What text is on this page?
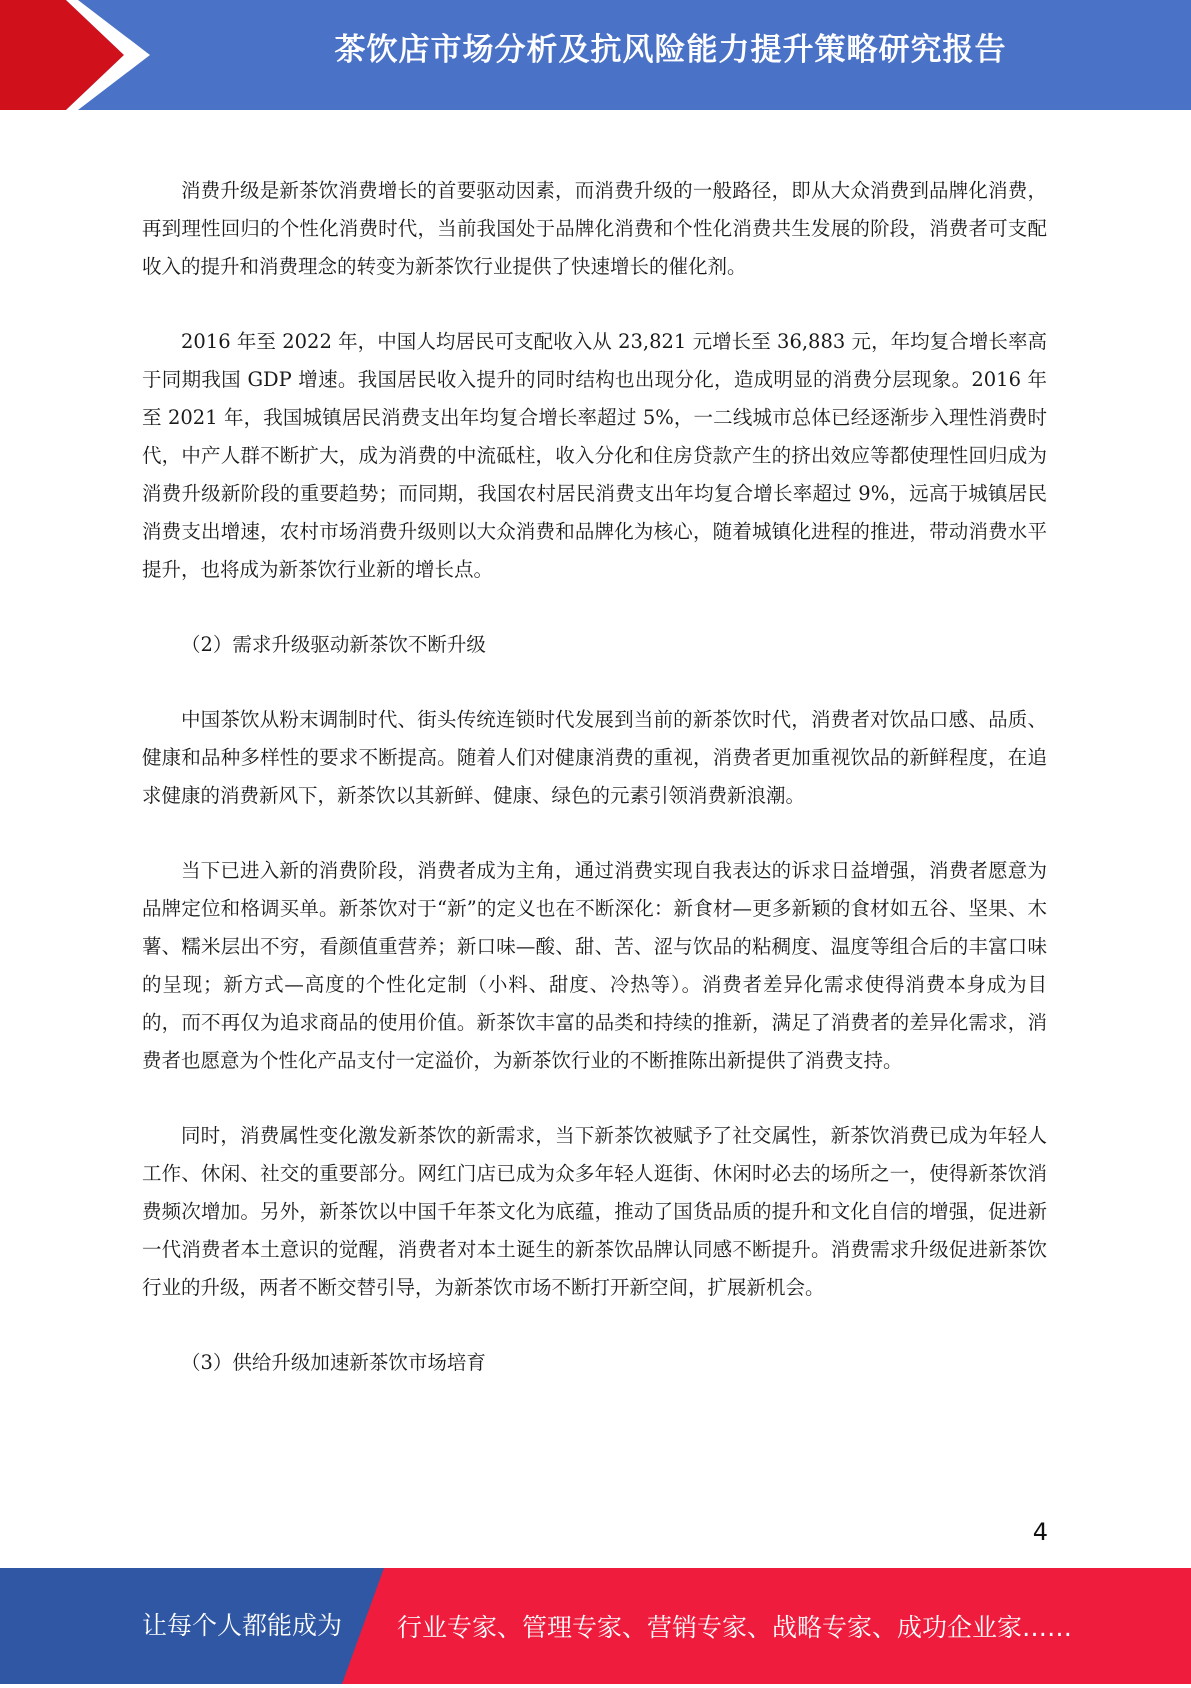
茶饮店市场分析及抗风险能力提升策略研究报告

消费升级是新茶饮消费增长的首要驱动因素，而消费升级的一般路径，即从大众消费到品牌化消费，再到理性回归的个性化消费时代，当前我国处于品牌化消费和个性化消费共生发展的阶段，消费者可支配收入的提升和消费理念的转变为新茶饮行业提供了快速增长的催化剂。

2016 年至 2022 年，中国人均居民可支配收入从 23,821 元增长至 36,883 元，年均复合增长率高于同期我国 GDP 增速。我国居民收入提升的同时结构也出现分化，造成明显的消费分层现象。2016 年至 2021 年，我国城镇居民消费支出年均复合增长率超过 5%，一二线城市总体已经逐渐步入理性消费时代，中产人群不断扩大，成为消费的中流砥柱，收入分化和住房贷款产生的挤出效应等都使理性回归成为消费升级新阶段的重要趋势；而同期，我国农村居民消费支出年均复合增长率超过 9%，远高于城镇居民消费支出增速，农村市场消费升级则以大众消费和品牌化为核心，随着城镇化进程的推进，带动消费水平提升，也将成为新茶饮行业新的增长点。

（2）需求升级驱动新茶饮不断升级

中国茶饮从粉末调制时代、街头传统连锁时代发展到当前的新茶饮时代，消费者对饮品口感、品质、健康和品种多样性的要求不断提高。随着人们对健康消费的重视，消费者更加重视饮品的新鲜程度，在追求健康的消费新风下，新茶饮以其新鲜、健康、绿色的元素引领消费新浪潮。

当下已进入新的消费阶段，消费者成为主角，通过消费实现自我表达的诉求日益增强，消费者愿意为品牌定位和格调买单。新茶饮对于“新”的定义也在不断深化：新食材—更多新颖的食材如五谷、坚果、木薯、糯米层出不穷，看颜值重营养；新口味—酸、甜、苦、涩与饮品的粘稠度、温度等组合后的丰富口味的呈现；新方式—高度的个性化定制（小料、甜度、冷热等）。消费者差异化需求使得消费本身成为目的，而不再仅为追求商品的使用价值。新茶饮丰富的品类和持续的推新，满足了消费者的差异化需求，消费者也愿意为个性化产品支付一定溢价，为新茶饮行业的不断推陈出新提供了消费支持。

同时，消费属性变化激发新茶饮的新需求，当下新茶饮被赋予了社交属性，新茶饮消费已成为年轻人工作、休闲、社交的重要部分。网红门店已成为众多年轻人逛街、休闲时必去的场所之一，使得新茶饮消费频次增加。另外，新茶饮以中国千年茶文化为底蕴，推动了国货品质的提升和文化自信的增强，促进新一代消费者本土意识的觉醒，消费者对本土诞生的新茶饮品牌认同感不断提升。消费需求升级促进新茶饮行业的升级，两者不断交替引导，为新茶饮市场不断打开新空间，扩展新机会。

（3）供给升级加速新茶饮市场培育

4
让每个人都能成为 行业专家、管理专家、营销专家、战略专家、成功企业家……
